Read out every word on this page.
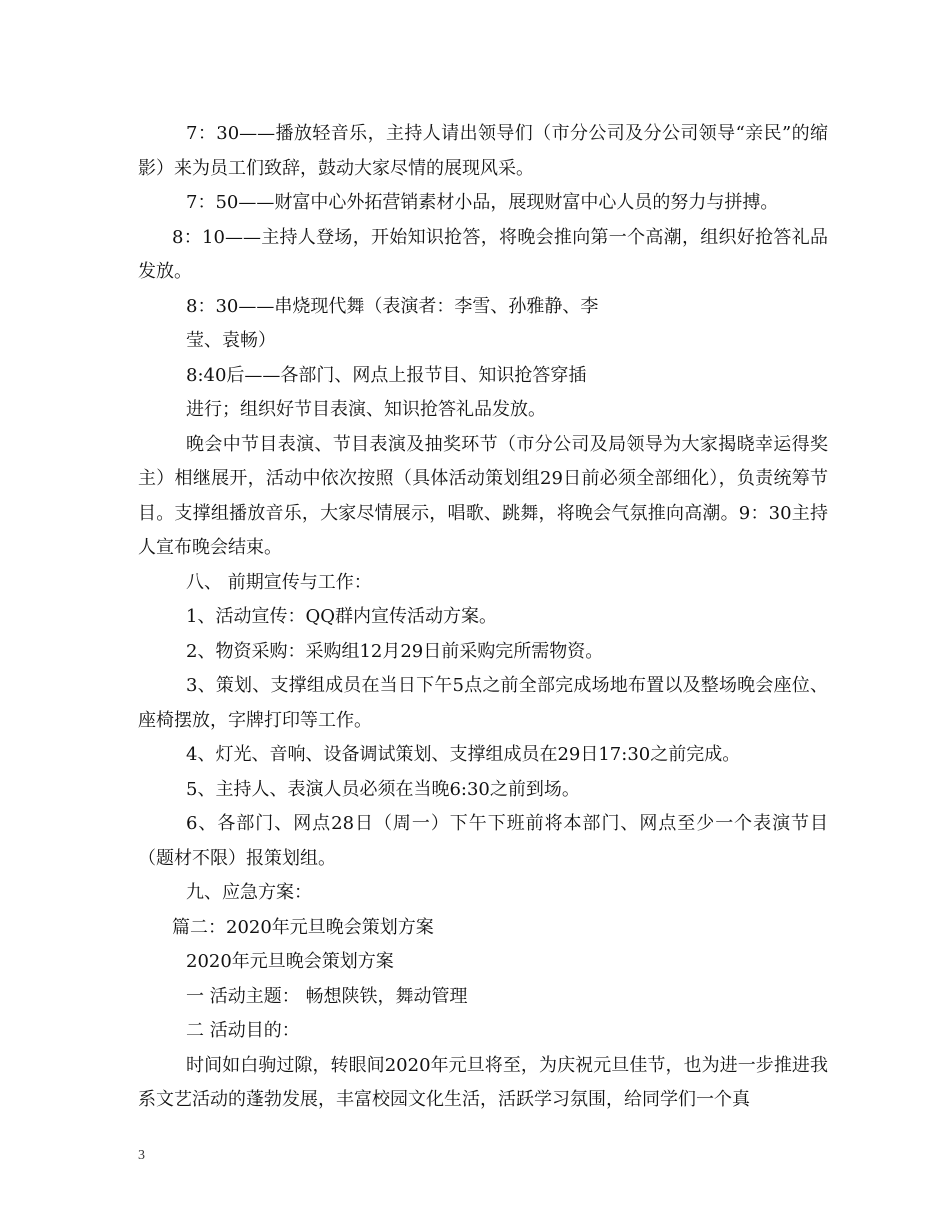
7：30——播放轻音乐，主持人请出领导们（市分公司及分公司领导“亲民”的缩影）来为员工们致辞，鼓动大家尽情的展现风采。

7：50——财富中心外拓营销素材小品，展现财富中心人员的努力与拼搏。

8：10——主持人登场，开始知识抢答，将晚会推向第一个高潮，组织好抢答礼品发放。

8：30——串烧现代舞（表演者：李雪、孙雅静、李

莹、袁畅）

8:40后——各部门、网点上报节目、知识抢答穿插

进行；组织好节目表演、知识抢答礼品发放。

晚会中节目表演、节目表演及抽奖环节（市分公司及局领导为大家揭晓幸运得奖主）相继展开，活动中依次按照（具体活动策划组29日前必须全部细化），负责统筹节目。支撑组播放音乐，大家尽情展示，唱歌、跳舞，将晚会气氛推向高潮。9：30主持人宣布晚会结束。

八、 前期宣传与工作：

1、活动宣传：QQ群内宣传活动方案。

2、物资采购：采购组12月29日前采购完所需物资。

3、策划、支撑组成员在当日下午5点之前全部完成场地布置以及整场晚会座位、座椅摆放，字牌打印等工作。

4、灯光、音响、设备调试策划、支撑组成员在29日17:30之前完成。

5、主持人、表演人员必须在当晚6:30之前到场。

6、各部门、网点28日（周一）下午下班前将本部门、网点至少一个表演节目（题材不限）报策划组。

九、应急方案：

篇二：2020年元旦晚会策划方案

2020年元旦晚会策划方案

一 活动主题： 畅想陕铁，舞动管理

二 活动目的：

时间如白驹过隙，转眼间2020年元旦将至，为庆祝元旦佳节，也为进一步推进我系文艺活动的蓬勃发展，丰富校园文化生活，活跃学习氛围，给同学们一个真

3
